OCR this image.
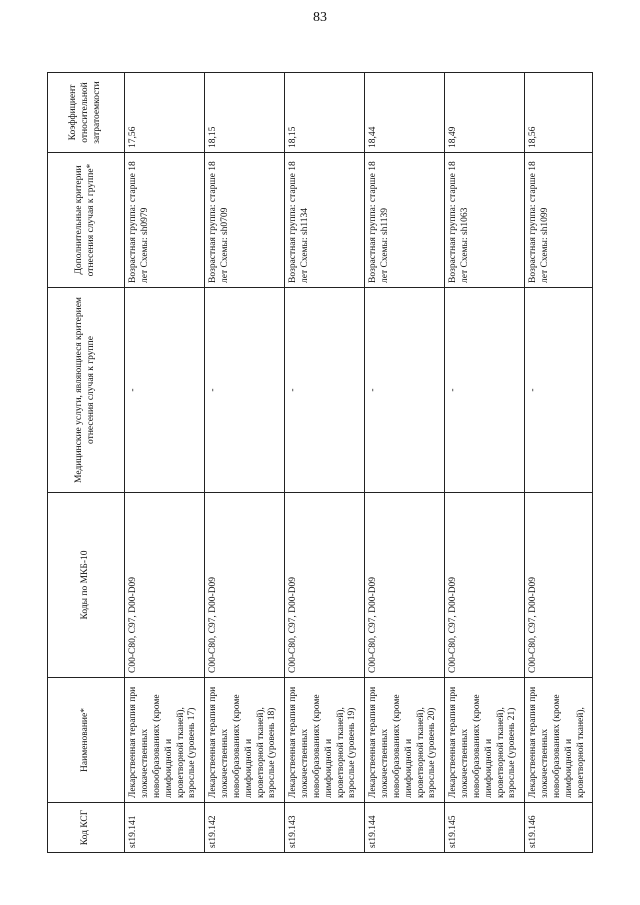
83
Код КСГ	Наименование*	Коды по МКБ-10	Медицинские услуги, являющиеся критерием отнесения случая к группе	Дополнительные критерии отнесения случая к группе*	Коэффициент относительной затратоемкости
st19.141	Лекарственная терапия при злокачественных новообразованиях (кроме лимфоидной и кроветворной тканей), взрослые (уровень 17)	C00-C80, C97, D00-D09	-	Возрастная группа: старше 18 лет Схемы: sh0979	17,56
st19.142	Лекарственная терапия при злокачественных новообразованиях (кроме лимфоидной и кроветворной тканей), взрослые (уровень 18)	C00-C80, C97, D00-D09	-	Возрастная группа: старше 18 лет Схемы: sh0709	18,15
st19.143	Лекарственная терапия при злокачественных новообразованиях (кроме лимфоидной и кроветворной тканей), взрослые (уровень 19)	C00-C80, C97, D00-D09	-	Возрастная группа: старше 18 лет Схемы: sh1134	18,15
st19.144	Лекарственная терапия при злокачественных новообразованиях (кроме лимфоидной и кроветворной тканей), взрослые (уровень 20)	C00-C80, C97, D00-D09	-	Возрастная группа: старше 18 лет Схемы: sh1139	18,44
st19.145	Лекарственная терапия при злокачественных новообразованиях (кроме лимфоидной и кроветворной тканей), взрослые (уровень 21)	C00-C80, C97, D00-D09	-	Возрастная группа: старше 18 лет Схемы: sh1063	18,49
st19.146	Лекарственная терапия при злокачественных новообразованиях (кроме лимфоидной и кроветворной тканей),	C00-C80, C97, D00-D09	-	Возрастная группа: старше 18 лет Схемы: sh1099	18,56
